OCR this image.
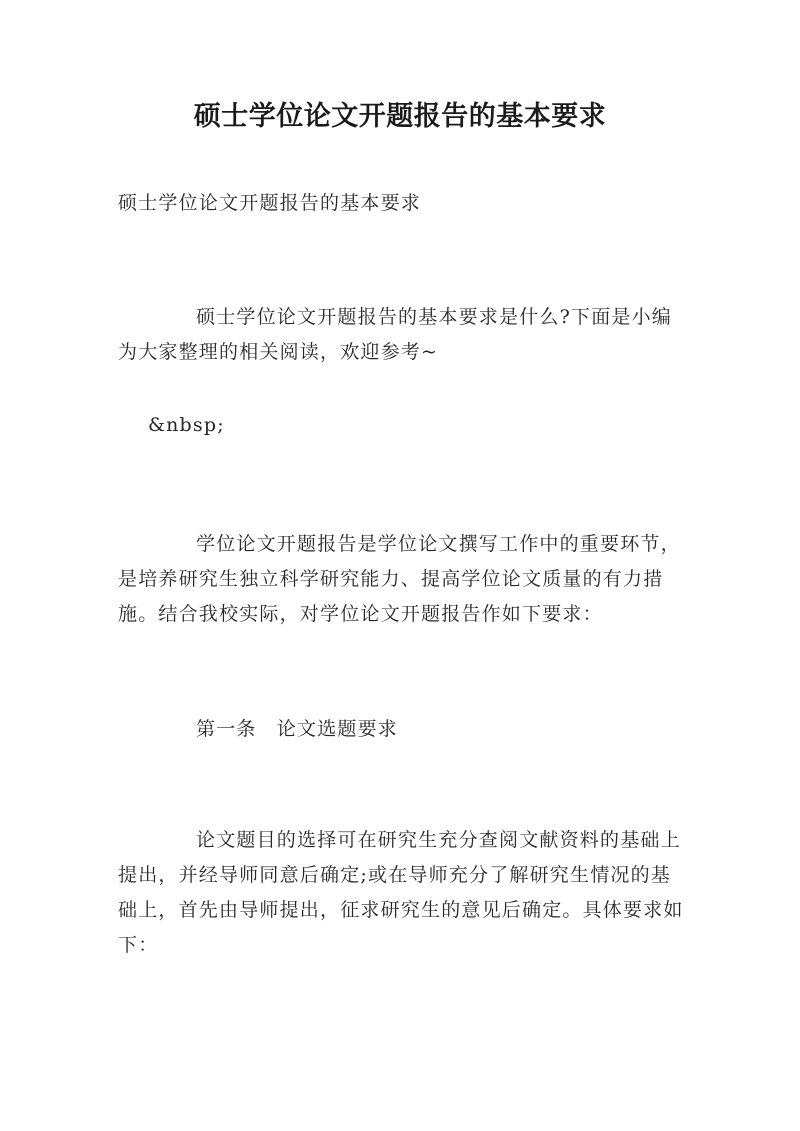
硕士学位论文开题报告的基本要求

硕士学位论文开题报告的基本要求

硕士学位论文开题报告的基本要求是什么?下面是小编为大家整理的相关阅读，欢迎参考~

&nbsp;

学位论文开题报告是学位论文撰写工作中的重要环节，是培养研究生独立科学研究能力、提高学位论文质量的有力措施。结合我校实际，对学位论文开题报告作如下要求：

第一条　论文选题要求

论文题目的选择可在研究生充分查阅文献资料的基础上提出，并经导师同意后确定;或在导师充分了解研究生情况的基础上，首先由导师提出，征求研究生的意见后确定。具体要求如下：
